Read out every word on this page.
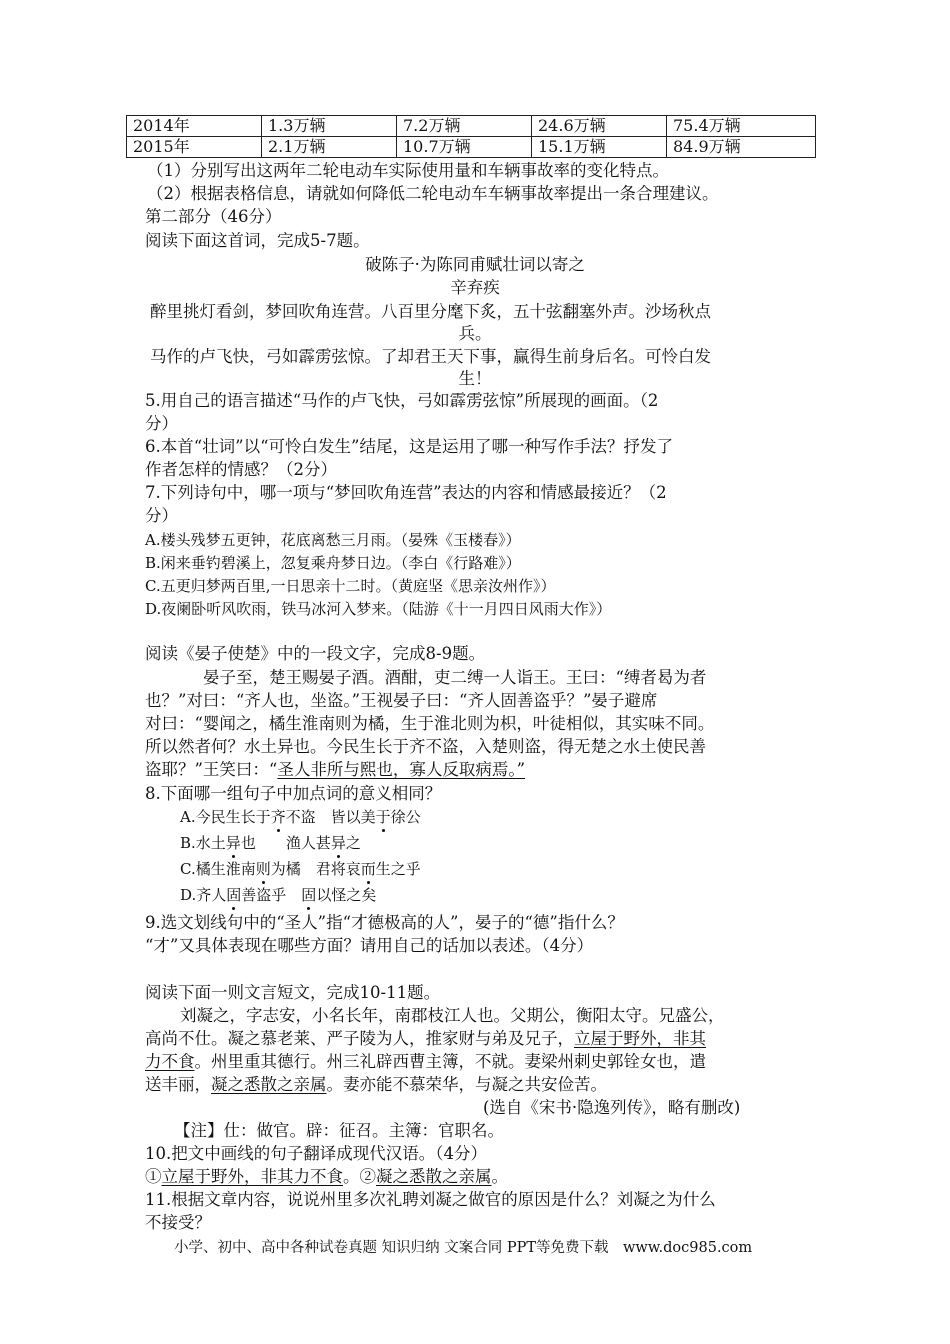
2014年	1.3万辆	7.2万辆	24.6万辆	75.4万辆
2015年	2.1万辆	10.7万辆	15.1万辆	84.9万辆
（1）分别写出这两年二轮电动车实际使用量和车辆事故率的变化特点。
（2）根据表格信息，请就如何降低二轮电动车车辆事故率提出一条合理建议。
第二部分（46分）
阅读下面这首词，完成5-7题。
破陈子·为陈同甫赋壮词以寄之
辛弃疾
醉里挑灯看剑，梦回吹角连营。八百里分麾下炙，五十弦翻塞外声。沙场秋点
兵。
马作的卢飞快，弓如霹雳弦惊。了却君王天下事，赢得生前身后名。可怜白发
生！
5.用自己的语言描述“马作的卢飞快，弓如霹雳弦惊”所展现的画面。（2
分）
6.本首“壮词”以“可怜白发生”结尾，这是运用了哪一种写作手法？抒发了
作者怎样的情感？（2分）
7.下列诗句中，哪一项与“梦回吹角连营”表达的内容和情感最接近？（2
分）
A.楼头残梦五更钟，花底离愁三月雨。（晏殊《玉楼春》）
B.闲来垂钓碧溪上，忽复乘舟梦日边。（李白《行路难》）
C.五更归梦两百里,一日思亲十二时。（黄庭坚《思亲汝州作》）
D.夜阑卧听风吹雨，铁马冰河入梦来。（陆游《十一月四日风雨大作》）
阅读《晏子使楚》中的一段文字，完成8-9题。
晏子至，楚王赐晏子酒。酒酣，吏二缚一人诣王。王曰：“缚者曷为者
也？”对曰：“齐人也，坐盗。”王视晏子曰：“齐人固善盗乎？”晏子避席
对曰：“婴闻之，橘生淮南则为橘，生于淮北则为枳，叶徒相似，其实味不同。
所以然者何？水土异也。今民生长于齐不盗，入楚则盗，得无楚之水土使民善
盗耶？”王笑曰：“圣人非所与熙也，寡人反取病焉。”
8.下面哪一组句子中加点词的意义相同？
A.今民生长于齐不盗　皆以美于徐公
B.水土异也　　渔人甚异之
C.橘生淮南则为橘　君将哀而生之乎
D.齐人固善盗乎　固以怪之矣
9.选文划线句中的“圣人”指“才德极高的人”，晏子的“德”指什么？
“才”又具体表现在哪些方面？请用自己的话加以表述。（4分）
阅读下面一则文言短文，完成10-11题。
刘凝之，字志安，小名长年，南郡枝江人也。父期公，衡阳太守。兄盛公，
高尚不仕。凝之慕老莱、严子陵为人，推家财与弟及兄子，立屋于野外，非其
力不食。州里重其德行。州三礼辟西曹主簿，不就。妻梁州刺史郭铨女也，遣
送丰丽，凝之悉散之亲属。妻亦能不慕荣华，与凝之共安俭苦。
(选自《宋书·隐逸列传》，略有删改)
【注】仕：做官。辟：征召。主簿：官职名。
10.把文中画线的句子翻译成现代汉语。（4分）
①立屋于野外，非其力不食。②凝之悉散之亲属。
11.根据文章内容，说说州里多次礼聘刘凝之做官的原因是什么？刘凝之为什么
不接受？
小学、初中、高中各种试卷真题 知识归纳 文案合同 PPT等免费下载　www.doc985.com
